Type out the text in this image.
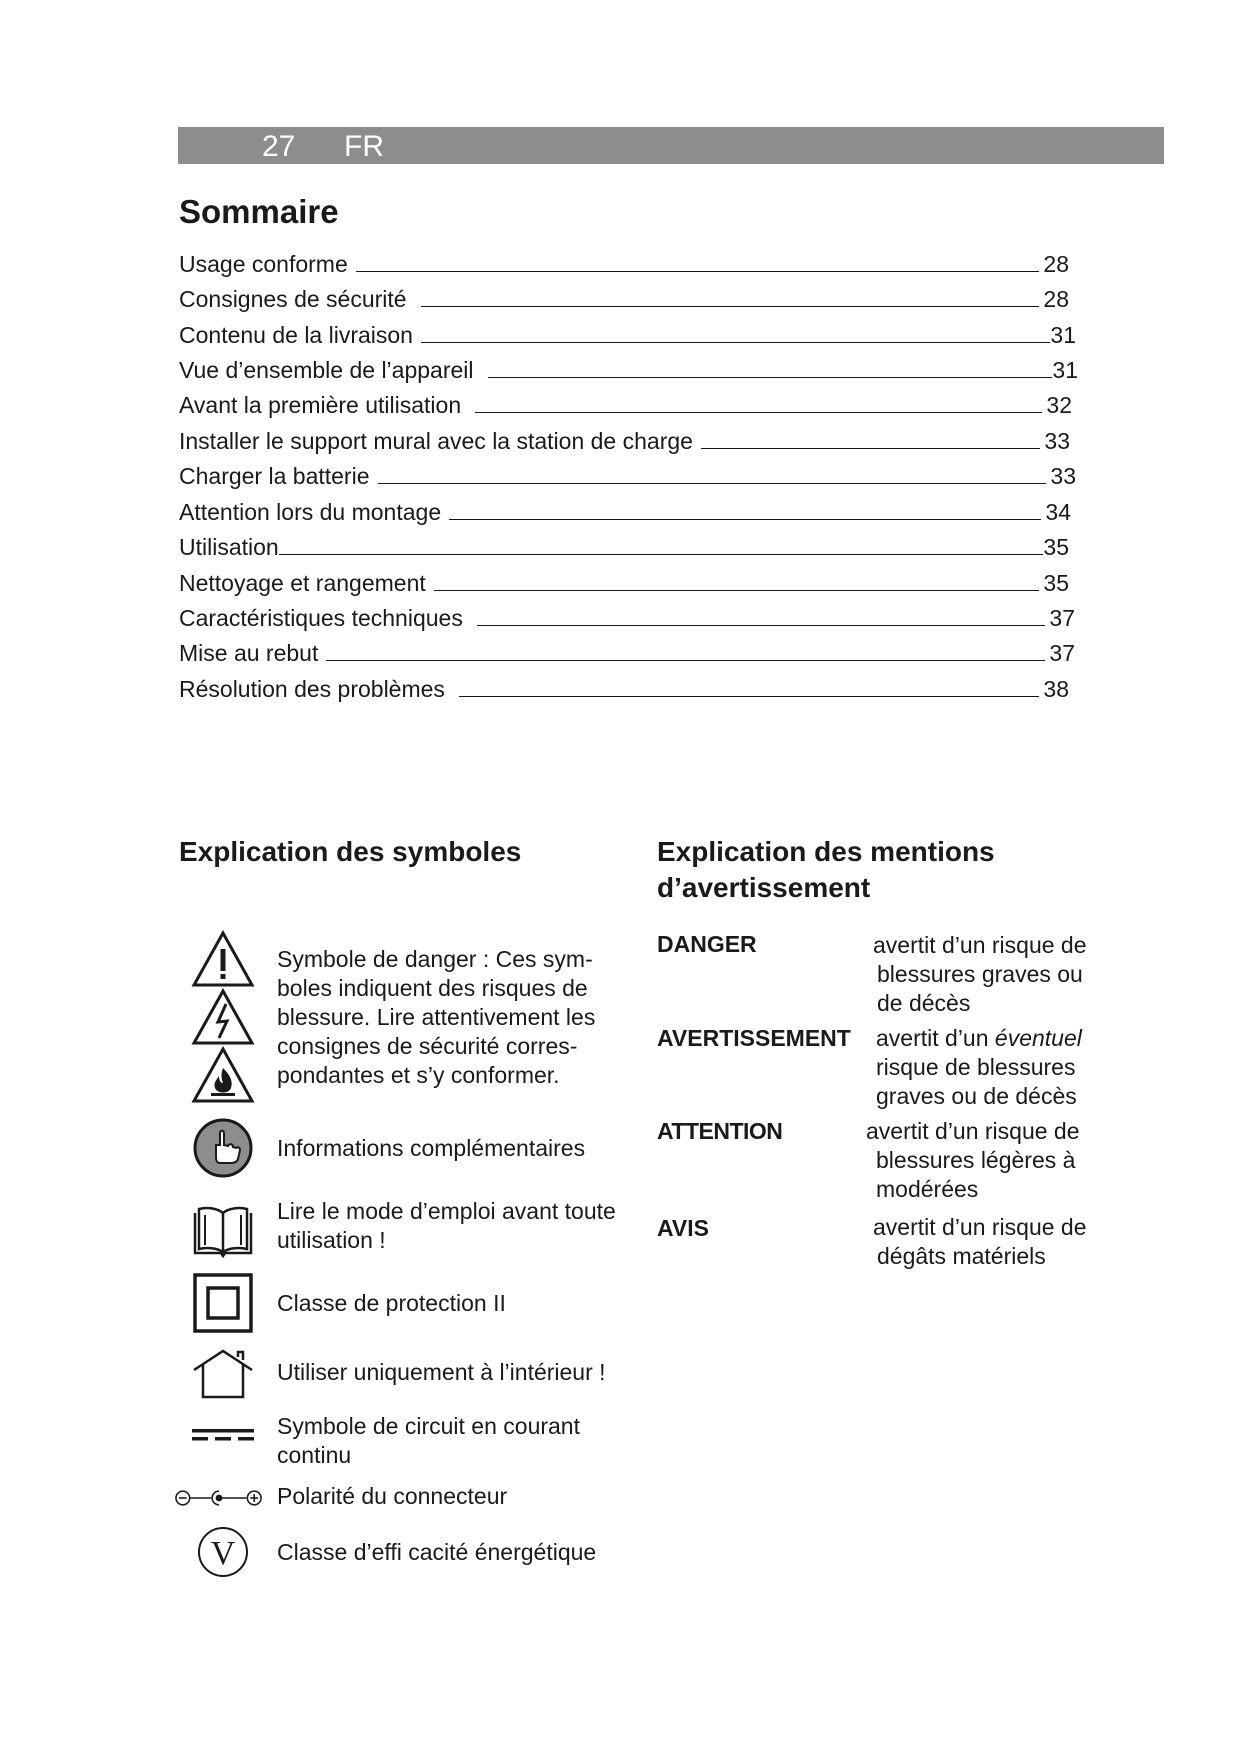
27 FR
Sommaire
Usage conforme	28
Consignes de sécurité	28
Contenu de la livraison	31
Vue d’ensemble de l’appareil	31
Avant la première utilisation	32
Installer le support mural avec la station de charge	33
Charger la batterie	33
Attention lors du montage	34
Utilisation	35
Nettoyage et rangement	35
Caractéristiques techniques	37
Mise au rebut	37
Résolution des problèmes	38
Explication des symboles
Symbole de danger : Ces sym-boles indiquent des risques de blessure. Lire attentivement les consignes de sécurité corres-pondantes et s’y conformer.
Informations complémentaires
Lire le mode d’emploi avant toute utilisation !
Classe de protection II
Utiliser uniquement à l’intérieur !
Symbole de circuit en courant continu
Polarité du connecteur
V Classe d’effi cacité énergétique
Explication des mentions
d’avertissement
DANGER	avertit d’un risque de
blessures graves ou
de décès
AVERTISSEMENT avertit d’un éventuel
risque de blessures
graves ou de décès
ATTENTION	avertit d’un risque de
blessures légères à
modérées
AVIS	avertit d’un risque de
dégâts matériels
